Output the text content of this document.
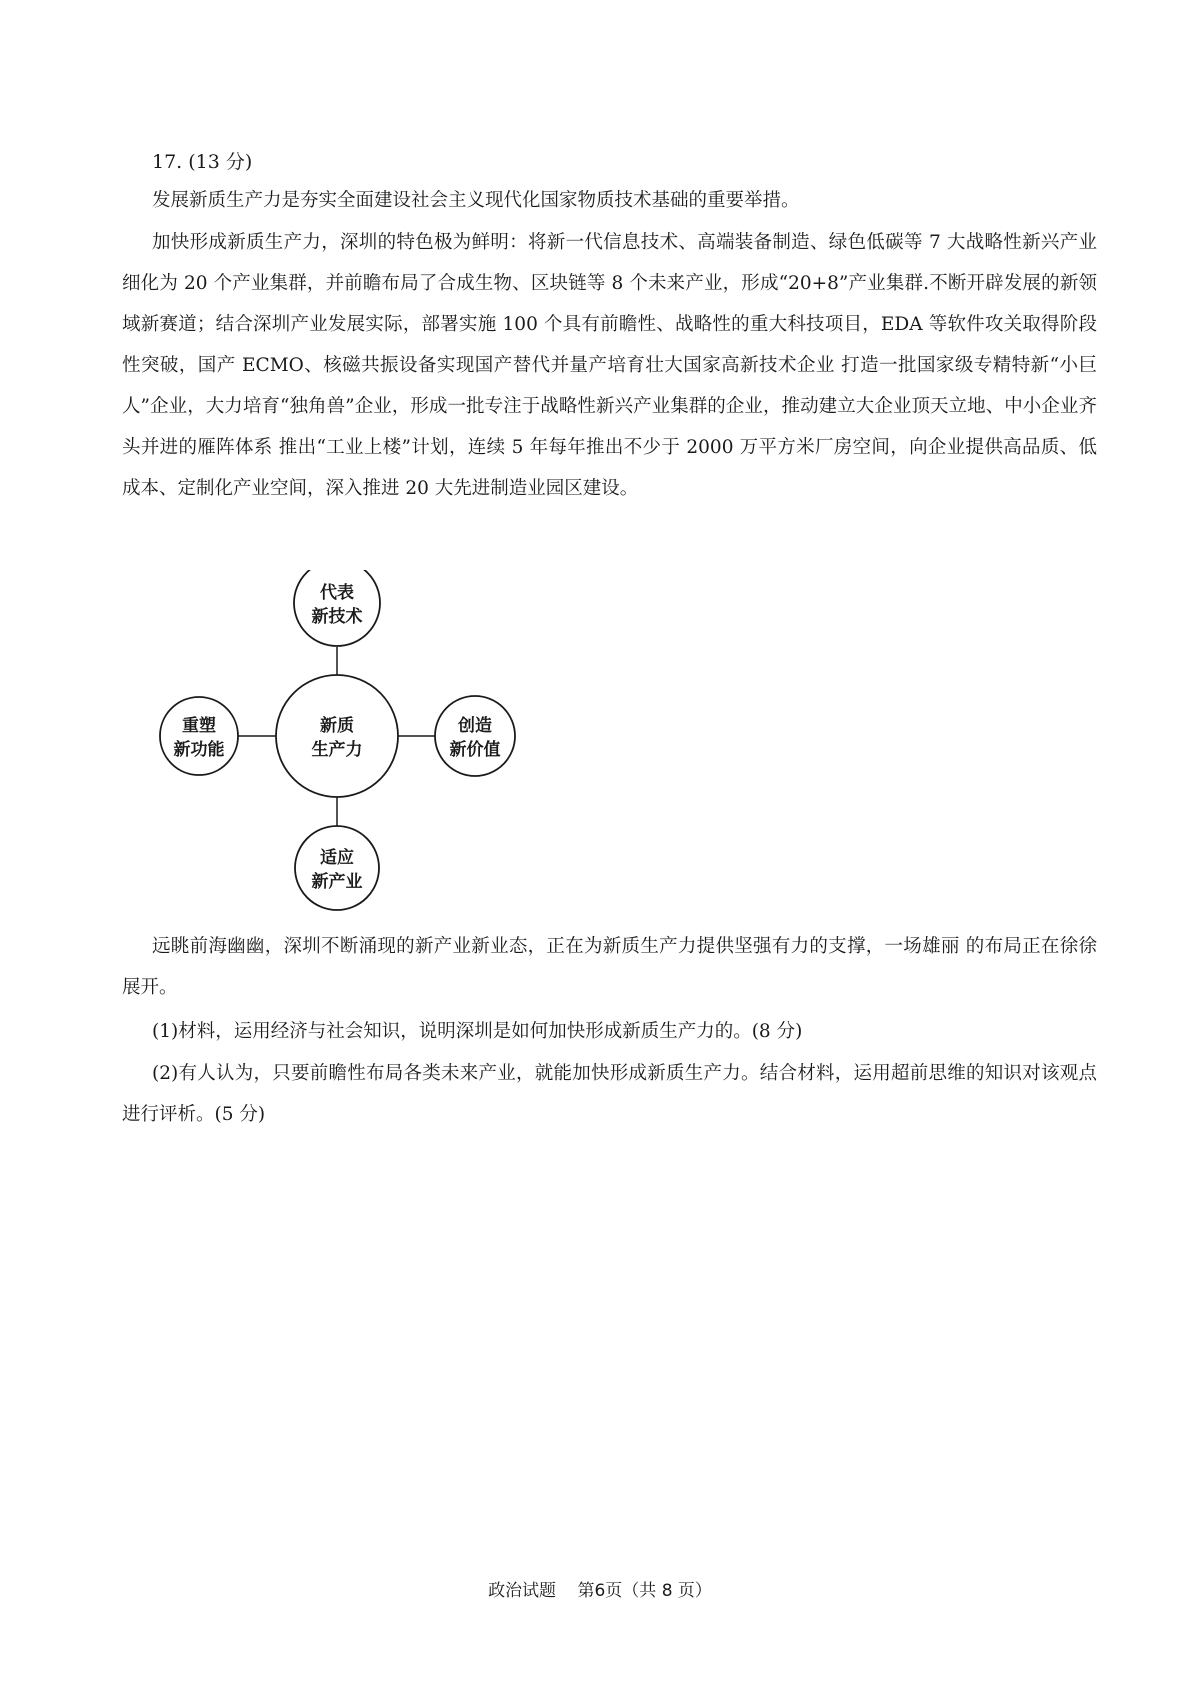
17. (13 分)

发展新质生产力是夯实全面建设社会主义现代化国家物质技术基础的重要举措。

加快形成新质生产力，深圳的特色极为鲜明：将新一代信息技术、高端装备制造、绿色低碳等 7 大战略性新兴产业细化为 20 个产业集群，并前瞻布局了合成生物、区块链等 8 个未来产业，形成“20+8”产业集群.不断开辟发展的新领域新赛道；结合深圳产业发展实际，部署实施 100 个具有前瞻性、战略性的重大科技项目，EDA 等软件攻关取得阶段性突破，国产 ECMO、核磁共振设备实现国产替代并量产培育壮大国家高新技术企业 打造一批国家级专精特新“小巨人”企业，大力培育“独角兽”企业，形成一批专注于战略性新兴产业集群的企业，推动建立大企业顶天立地、中小企业齐头并进的雁阵体系 推出“工业上楼”计划，连续 5 年每年推出不少于 2000 万平方米厂房空间，向企业提供高品质、低成本、定制化产业空间，深入推进 20 大先进制造业园区建设。

代表
新技术
重塑
新功能
新质
生产力
创造
新价值
适应
新产业

远眺前海幽幽，深圳不断涌现的新产业新业态，正在为新质生产力提供坚强有力的支撑，一场雄丽 的布局正在徐徐展开。

(1)材料，运用经济与社会知识，说明深圳是如何加快形成新质生产力的。(8 分)

(2)有人认为，只要前瞻性布局各类未来产业，就能加快形成新质生产力。结合材料，运用超前思维的知识对该观点进行评析。(5 分)

政治试题 第6页（共 8 页）
